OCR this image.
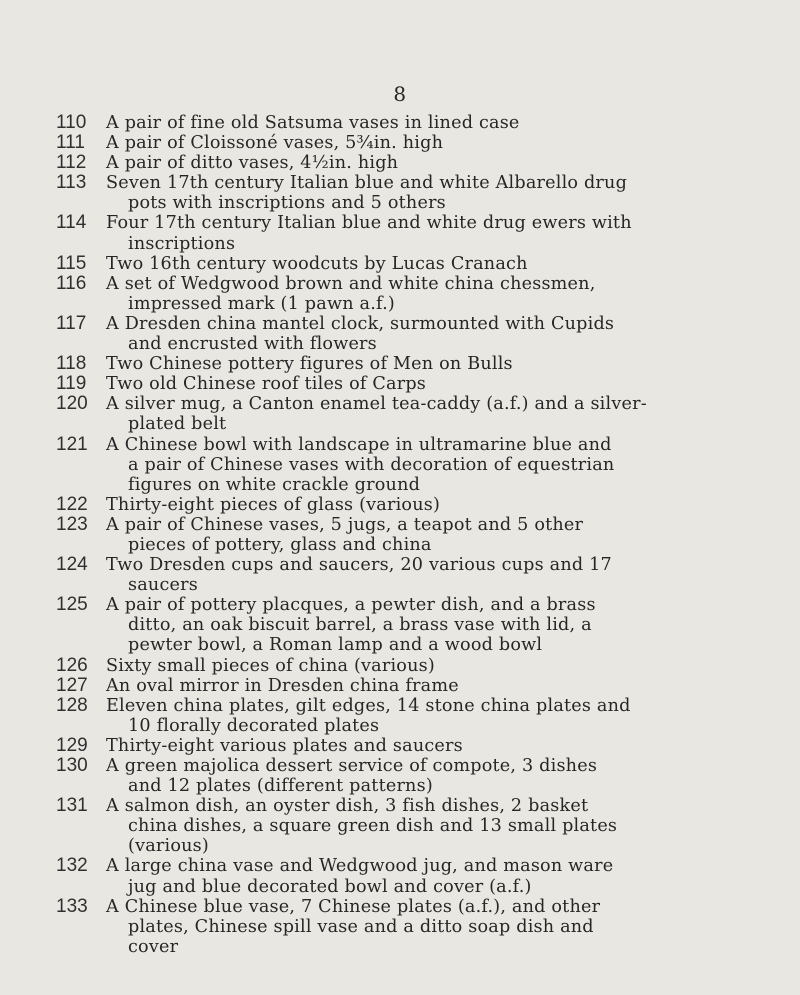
8
110	A pair of fine old Satsuma vases in lined case
111	A pair of Cloissoné vases, 5¾in. high
112	A pair of ditto vases, 4½in. high
113	Seven 17th century Italian blue and white Albarello drug
pots with inscriptions and 5 others
114	Four 17th century Italian blue and white drug ewers with
inscriptions
115	Two 16th century woodcuts by Lucas Cranach
116	A set of Wedgwood brown and white china chessmen,
impressed mark (1 pawn a.f.)
117	A Dresden china mantel clock, surmounted with Cupids
and encrusted with flowers
118	Two Chinese pottery figures of Men on Bulls
119	Two old Chinese roof tiles of Carps
120	A silver mug, a Canton enamel tea-caddy (a.f.) and a silver-
plated belt
121	A Chinese bowl with landscape in ultramarine blue and
a pair of Chinese vases with decoration of equestrian
figures on white crackle ground
122	Thirty-eight pieces of glass (various)
123	A pair of Chinese vases, 5 jugs, a teapot and 5 other
pieces of pottery, glass and china
124	Two Dresden cups and saucers, 20 various cups and 17
saucers
125	A pair of pottery placques, a pewter dish, and a brass
ditto, an oak biscuit barrel, a brass vase with lid, a
pewter bowl, a Roman lamp and a wood bowl
126	Sixty small pieces of china (various)
127	An oval mirror in Dresden china frame
128	Eleven china plates, gilt edges, 14 stone china plates and
10 florally decorated plates
129	Thirty-eight various plates and saucers
130	A green majolica dessert service of compote, 3 dishes
and 12 plates (different patterns)
131	A salmon dish, an oyster dish, 3 fish dishes, 2 basket
china dishes, a square green dish and 13 small plates
(various)
132	A large china vase and Wedgwood jug, and mason ware
jug and blue decorated bowl and cover (a.f.)
133	A Chinese blue vase, 7 Chinese plates (a.f.), and other
plates, Chinese spill vase and a ditto soap dish and
cover
